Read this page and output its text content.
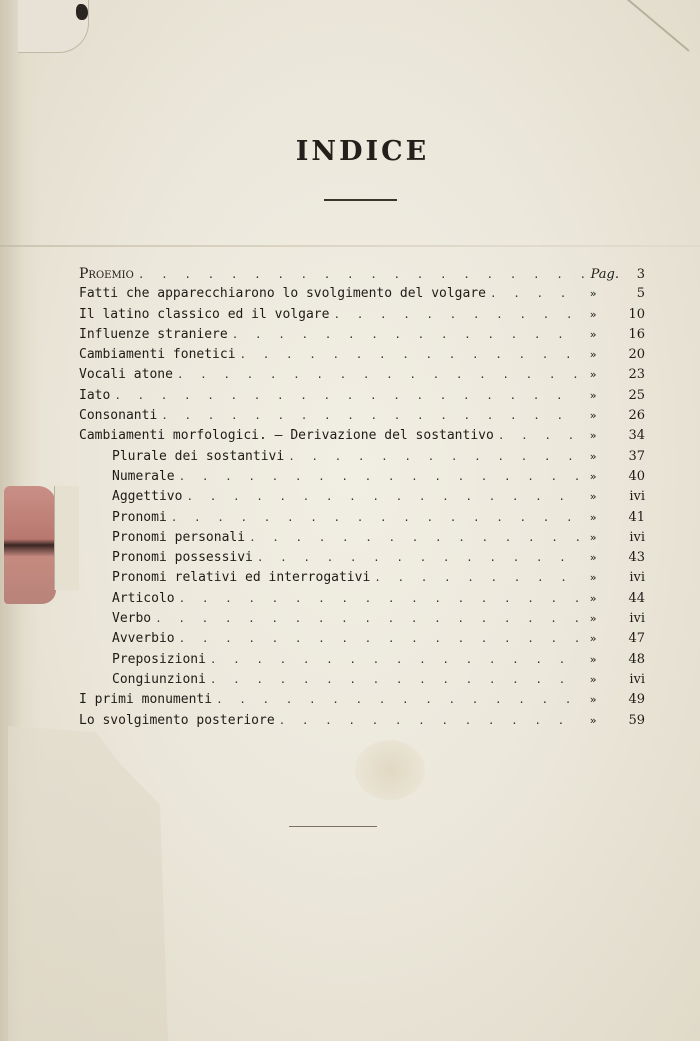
INDICE
Proemio . . .	Pag.	3
Fatti che apparecchiarono lo svolgimento del volgare . . .	»	5
Il latino classico ed il volgare . . .	»	10
Influenze straniere . . .	»	16
Cambiamenti fonetici . . .	»	20
Vocali atone . . .	»	23
Iato . . .	»	25
Consonanti . . .	»	26
Cambiamenti morfologici. — Derivazione del sostantivo . . .	»	34
Plurale dei sostantivi . . .	»	37
Numerale . . .	»	40
Aggettivo . . .	»	ivi
Pronomi . . .	»	41
Pronomi personali . . .	»	ivi
Pronomi possessivi . . .	»	43
Pronomi relativi ed interrogativi . . .	»	ivi
Articolo . . .	»	44
Verbo . . .	»	ivi
Avverbio . . .	»	47
Preposizioni . . .	»	48
Congiunzioni . . .	»	ivi
I primi monumenti . . .	»	49
Lo svolgimento posteriore . . .	»	59
